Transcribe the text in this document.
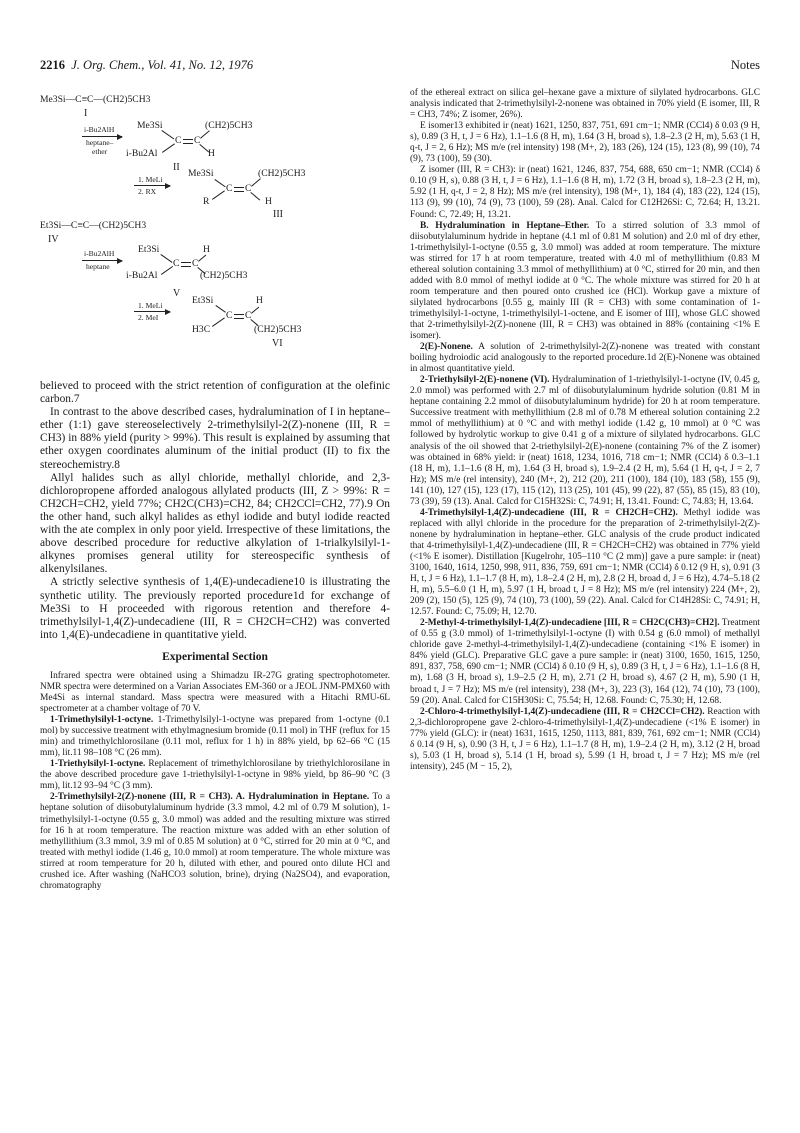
2216 J. Org. Chem., Vol. 41, No. 12, 1976	Notes
Me3Si—C≡C—(CH2)5CH3
I
i-Bu2AlH
heptane–
ether
Me3Si	(CH2)5CH3
i-Bu2Al	H
C C
II
1. MeLi
2. RX
Me3Si	(CH2)5CH3
R	H
C C
III
Et3Si—C≡C—(CH2)5CH3
IV
i-Bu2AlH
heptane
Et3Si	H
i-Bu2Al	(CH2)5CH3
C C
V
1. MeLi
2. MeI
Et3Si	H
H3C	(CH2)5CH3
C C
VI

believed to proceed with the strict retention of configuration at the olefinic carbon.7

In contrast to the above described cases, hydralumination of I in heptane–ether (1:1) gave stereoselectively 2-trimethylsilyl-2(Z)-nonene (III, R = CH3) in 88% yield (purity > 99%). This result is explained by assuming that ether oxygen coordinates aluminum of the initial product (II) to fix the stereochemistry.8

Allyl halides such as allyl chloride, methallyl chloride, and 2,3-dichloropropene afforded analogous allylated products (III, Z > 99%: R = CH2CH=CH2, yield 77%; CH2C(CH3)=CH2, 84; CH2CCl=CH2, 77).9 On the other hand, such alkyl halides as ethyl iodide and butyl iodide reacted with the ate complex in only poor yield. Irrespective of these limitations, the above described procedure for reductive alkylation of 1-trialkylsilyl-1-alkynes promises general utility for stereospecific synthesis of alkenylsilanes.

A strictly selective synthesis of 1,4(E)-undecadiene10 is illustrating the synthetic utility. The previously reported procedure1d for exchange of Me3Si to H proceeded with rigorous retention and therefore 4-trimethylsilyl-1,4(Z)-undecadiene (III, R = CH2CH=CH2) was converted into 1,4(E)-undecadiene in quantitative yield.

Experimental Section

Infrared spectra were obtained using a Shimadzu IR-27G grating spectrophotometer. NMR spectra were determined on a Varian Associates EM-360 or a JEOL JNM-PMX60 with Me4Si as internal standard. Mass spectra were measured with a Hitachi RMU-6L spectrometer at a chamber voltage of 70 V.

1-Trimethylsilyl-1-octyne. 1-Trimethylsilyl-1-octyne was prepared from 1-octyne (0.1 mol) by successive treatment with ethylmagnesium bromide (0.11 mol) in THF (reflux for 15 min) and trimethylchlorosilane (0.11 mol, reflux for 1 h) in 88% yield, bp 62–66 °C (15 mm), lit.11 98–108 °C (26 mm).

1-Triethylsilyl-1-octyne. Replacement of trimethylchlorosilane by triethylchlorosilane in the above described procedure gave 1-triethylsilyl-1-octyne in 98% yield, bp 86–90 °C (3 mm), lit.12 93–94 °C (3 mm).

2-Trimethylsilyl-2(Z)-nonene (III, R = CH3). A. Hydralumination in Heptane. To a heptane solution of diisobutylaluminum hydride (3.3 mmol, 4.2 ml of 0.79 M solution), 1-trimethylsilyl-1-octyne (0.55 g, 3.0 mmol) was added and the resulting mixture was stirred for 16 h at room temperature. The reaction mixture was added with an ether solution of methyllithium (3.3 mmol, 3.9 ml of 0.85 M solution) at 0 °C, stirred for 20 min at 0 °C, and treated with methyl iodide (1.46 g, 10.0 mmol) at room temperature. The whole mixture was stirred at room temperature for 20 h, diluted with ether, and poured onto dilute HCl and crushed ice. After washing (NaHCO3 solution, brine), drying (Na2SO4), and evaporation, chromatography

of the ethereal extract on silica gel–hexane gave a mixture of silylated hydrocarbons. GLC analysis indicated that 2-trimethylsilyl-2-nonene was obtained in 70% yield (E isomer, III, R = CH3, 74%; Z isomer, 26%).

E isomer13 exhibited ir (neat) 1621, 1250, 837, 751, 691 cm−1; NMR (CCl4) δ 0.03 (9 H, s), 0.89 (3 H, t, J = 6 Hz), 1.1–1.6 (8 H, m), 1.64 (3 H, broad s), 1.8–2.3 (2 H, m), 5.63 (1 H, q-t, J = 2, 6 Hz); MS m/e (rel intensity) 198 (M+, 2), 183 (26), 124 (15), 123 (8), 99 (10), 74 (9), 73 (100), 59 (30).

Z isomer (III, R = CH3): ir (neat) 1621, 1246, 837, 754, 688, 650 cm−1; NMR (CCl4) δ 0.10 (9 H, s), 0.88 (3 H, t, J = 6 Hz), 1.1–1.6 (8 H, m), 1.72 (3 H, broad s), 1.8–2.3 (2 H, m), 5.92 (1 H, q-t, J = 2, 8 Hz); MS m/e (rel intensity), 198 (M+, 1), 184 (4), 183 (22), 124 (15), 113 (9), 99 (10), 74 (9), 73 (100), 59 (28). Anal. Calcd for C12H26Si: C, 72.64; H, 13.21. Found: C, 72.49; H, 13.21.

B. Hydralumination in Heptane–Ether. To a stirred solution of 3.3 mmol of diisobutylaluminum hydride in heptane (4.1 ml of 0.81 M solution) and 2.0 ml of dry ether, 1-trimethylsilyl-1-octyne (0.55 g, 3.0 mmol) was added at room temperature. The mixture was stirred for 17 h at room temperature, treated with 4.0 ml of methyllithium (0.83 M ethereal solution containing 3.3 mmol of methyllithium) at 0 °C, stirred for 20 min, and then added with 8.0 mmol of methyl iodide at 0 °C. The whole mixture was stirred for 20 h at room temperature and then poured onto crushed ice (HCl). Workup gave a mixture of silylated hydrocarbons [0.55 g, mainly III (R = CH3) with some contamination of 1-trimethylsilyl-1-octyne, 1-trimethylsilyl-1-octene, and E isomer of III], whose GLC showed that 2-trimethylsilyl-2(Z)-nonene (III, R = CH3) was obtained in 88% (containing <1% E isomer).

2(E)-Nonene. A solution of 2-trimethylsilyl-2(Z)-nonene was treated with constant boiling hydroiodic acid analogously to the reported procedure.1d 2(E)-Nonene was obtained in almost quantitative yield.

2-Triethylsilyl-2(E)-nonene (VI). Hydralumination of 1-triethylsilyl-1-octyne (IV, 0.45 g, 2.0 mmol) was performed with 2.7 ml of diisobutylaluminum hydride solution (0.81 M in heptane containing 2.2 mmol of diisobutylaluminum hydride) for 20 h at room temperature. Successive treatment with methyllithium (2.8 ml of 0.78 M ethereal solution containing 2.2 mmol of methyllithium) at 0 °C and with methyl iodide (1.42 g, 10 mmol) at 0 °C was followed by hydrolytic workup to give 0.41 g of a mixture of silylated hydrocarbons. GLC analysis of the oil showed that 2-triethylsilyl-2(E)-nonene (containing 7% of the Z isomer) was obtained in 68% yield: ir (neat) 1618, 1234, 1016, 718 cm−1; NMR (CCl4) δ 0.3–1.1 (18 H, m), 1.1–1.6 (8 H, m), 1.64 (3 H, broad s), 1.9–2.4 (2 H, m), 5.64 (1 H, q-t, J = 2, 7 Hz); MS m/e (rel intensity), 240 (M+, 2), 212 (20), 211 (100), 184 (10), 183 (58), 155 (9), 141 (10), 127 (15), 123 (17), 115 (12), 113 (25), 101 (45), 99 (22), 87 (55), 85 (15), 83 (10), 73 (39), 59 (13). Anal. Calcd for C15H32Si: C, 74.91; H, 13.41. Found: C, 74.83; H, 13.64.

4-Trimethylsilyl-1,4(Z)-undecadiene (III, R = CH2CH=CH2). Methyl iodide was replaced with allyl chloride in the procedure for the preparation of 2-trimethylsilyl-2(Z)-nonene by hydralumination in heptane–ether. GLC analysis of the crude product indicated that 4-trimethylsilyl-1,4(Z)-undecadiene (III, R = CH2CH=CH2) was obtained in 77% yield (<1% E isomer). Distillation [Kugelrohr, 105–110 °C (2 mm)] gave a pure sample: ir (neat) 3100, 1640, 1614, 1250, 998, 911, 836, 759, 691 cm−1; NMR (CCl4) δ 0.12 (9 H, s), 0.91 (3 H, t, J = 6 Hz), 1.1–1.7 (8 H, m), 1.8–2.4 (2 H, m), 2.8 (2 H, broad d, J = 6 Hz), 4.74–5.18 (2 H, m), 5.5–6.0 (1 H, m), 5.97 (1 H, broad t, J = 8 Hz); MS m/e (rel intensity) 224 (M+, 2), 209 (2), 150 (5), 125 (9), 74 (10), 73 (100), 59 (22). Anal. Calcd for C14H28Si: C, 74.91; H, 12.57. Found: C, 75.09; H, 12.70.

2-Methyl-4-trimethylsilyl-1,4(Z)-undecadiene [III, R = CH2C(CH3)=CH2]. Treatment of 0.55 g (3.0 mmol) of 1-trimethylsilyl-1-octyne (I) with 0.54 g (6.0 mmol) of methallyl chloride gave 2-methyl-4-trimethylsilyl-1,4(Z)-undecadiene (containing <1% E isomer) in 84% yield (GLC). Preparative GLC gave a pure sample: ir (neat) 3100, 1650, 1615, 1250, 891, 837, 758, 690 cm−1; NMR (CCl4) δ 0.10 (9 H, s), 0.89 (3 H, t, J = 6 Hz), 1.1–1.6 (8 H, m), 1.68 (3 H, broad s), 1.9–2.5 (2 H, m), 2.71 (2 H, broad s), 4.67 (2 H, m), 5.90 (1 H, broad t, J = 7 Hz); MS m/e (rel intensity), 238 (M+, 3), 223 (3), 164 (12), 74 (10), 73 (100), 59 (20). Anal. Calcd for C15H30Si: C, 75.54; H, 12.68. Found: C, 75.30; H, 12.68.

2-Chloro-4-trimethylsilyl-1,4(Z)-undecadiene (III, R = CH2CCl=CH2). Reaction with 2,3-dichloropropene gave 2-chloro-4-trimethylsilyl-1,4(Z)-undecadiene (<1% E isomer) in 77% yield (GLC): ir (neat) 1631, 1615, 1250, 1113, 881, 839, 761, 692 cm−1; NMR (CCl4) δ 0.14 (9 H, s), 0.90 (3 H, t, J = 6 Hz), 1.1–1.7 (8 H, m), 1.9–2.4 (2 H, m), 3.12 (2 H, broad s), 5.03 (1 H, broad s), 5.14 (1 H, broad s), 5.99 (1 H, broad t, J = 7 Hz); MS m/e (rel intensity), 245 (M − 15, 2),
